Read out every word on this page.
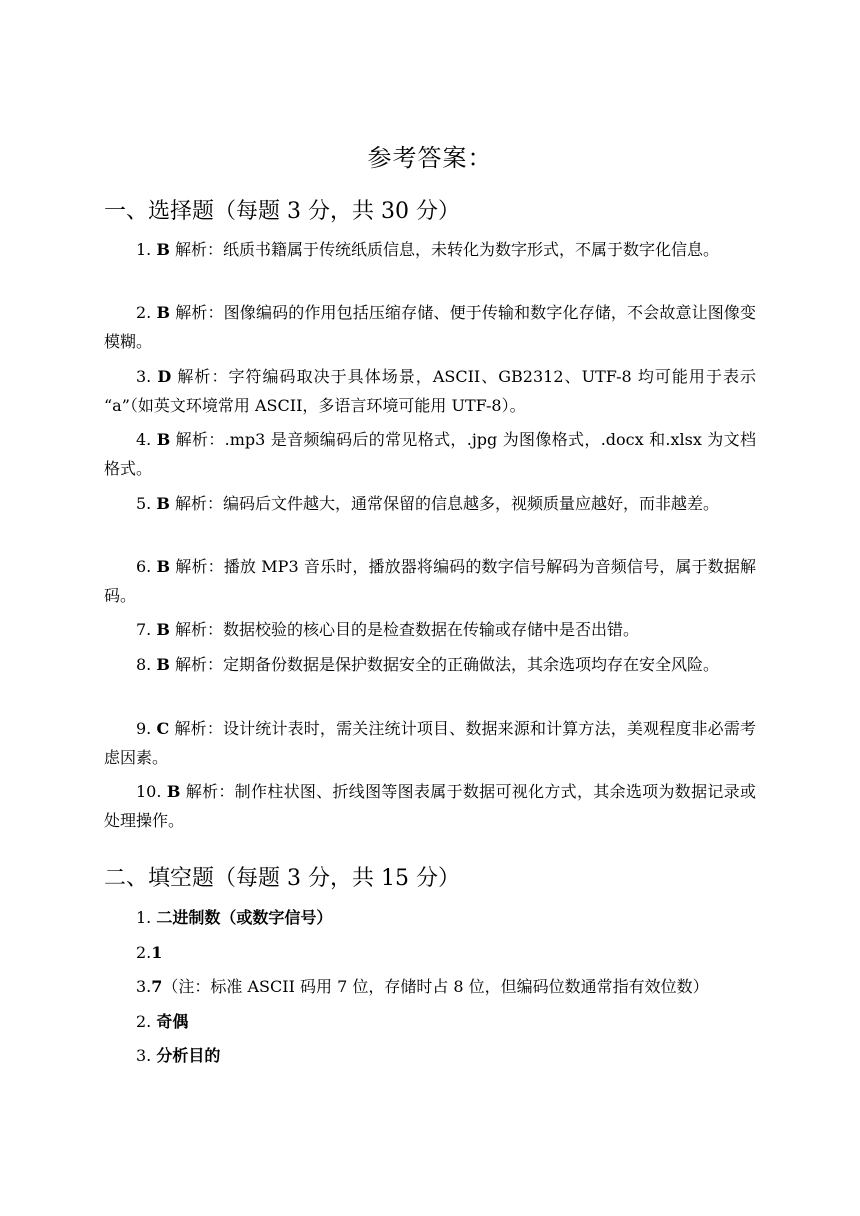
参考答案：
一、选择题（每题 3 分，共 30 分）
1. B 解析：纸质书籍属于传统纸质信息，未转化为数字形式，不属于数字化信息。
2. B 解析：图像编码的作用包括压缩存储、便于传输和数字化存储，不会故意让图像变模糊。
3. D 解析：字符编码取决于具体场景，ASCII、GB2312、UTF-8 均可能用于表示 “a”（如英文环境常用 ASCII，多语言环境可能用 UTF-8）。
4. B 解析：.mp3 是音频编码后的常见格式，.jpg 为图像格式，.docx 和.xlsx 为文档格式。
5. B 解析：编码后文件越大，通常保留的信息越多，视频质量应越好，而非越差。
6. B 解析：播放 MP3 音乐时，播放器将编码的数字信号解码为音频信号，属于数据解码。
7. B 解析：数据校验的核心目的是检查数据在传输或存储中是否出错。
8. B 解析：定期备份数据是保护数据安全的正确做法，其余选项均存在安全风险。
9. C 解析：设计统计表时，需关注统计项目、数据来源和计算方法，美观程度非必需考虑因素。
10. B 解析：制作柱状图、折线图等图表属于数据可视化方式，其余选项为数据记录或处理操作。
二、填空题（每题 3 分，共 15 分）
1. 二进制数（或数字信号）
2.1
3.7（注：标准 ASCII 码用 7 位，存储时占 8 位，但编码位数通常指有效位数）
2. 奇偶
3. 分析目的
